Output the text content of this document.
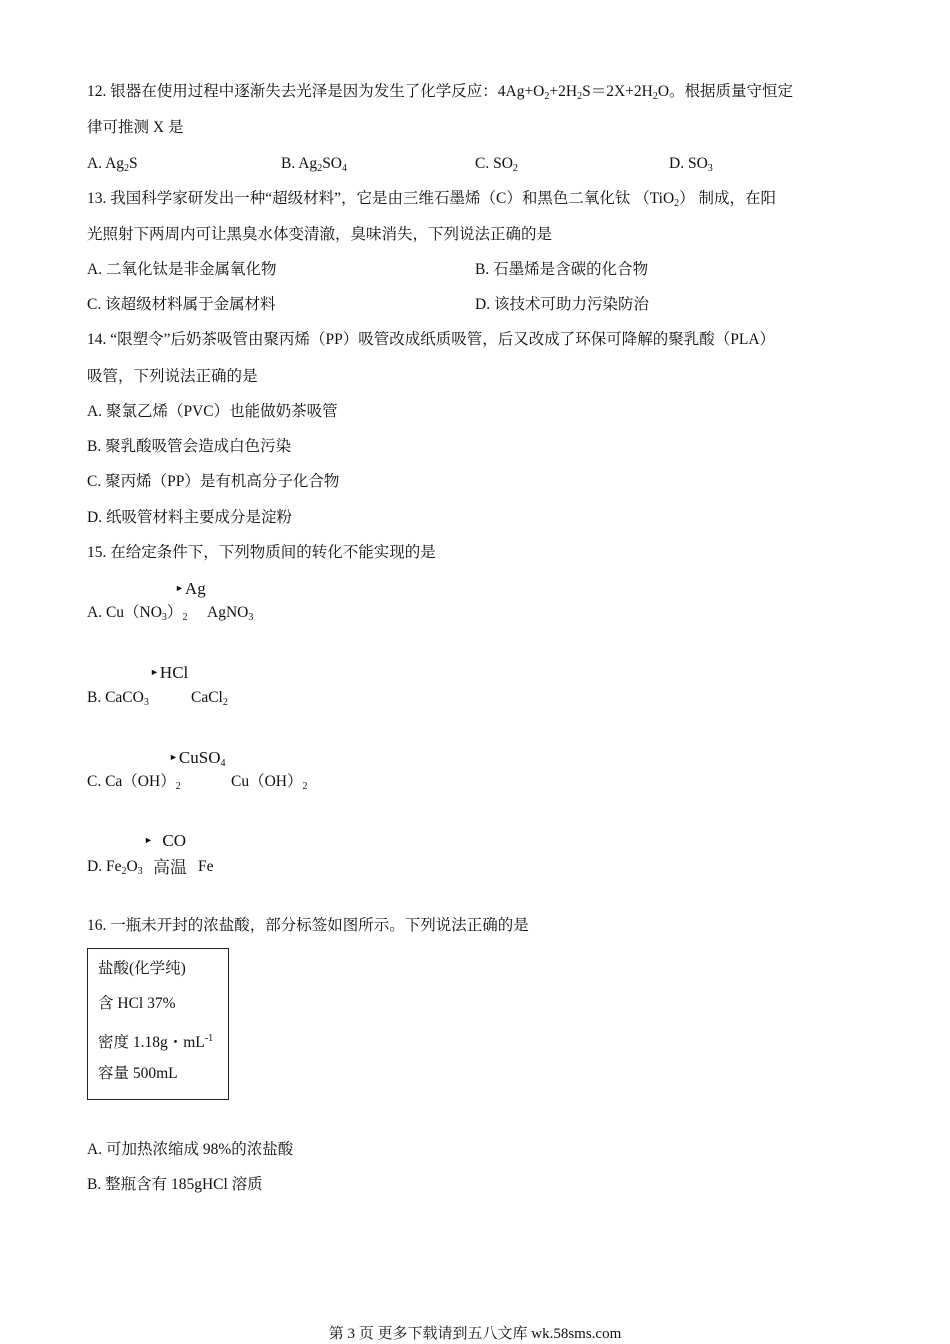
12. 银器在使用过程中逐渐失去光泽是因为发生了化学反应：$4Ag+O_2+2H_2S=2X+2H_2O$。根据质量守恒定
律可推测 X 是
A. $Ag_2S$	B. $Ag_2SO_4$	C. $SO_2$	D. $SO_3$
13. 我国科学家研发出一种“超级材料”，它是由三维石墨烯（C）和黑色二氧化钛 （TiO$_2$） 制成，在阳
光照射下两周内可让黑臭水体变清澈，臭味消失，下列说法正确的是
A. 二氧化钛是非金属氧化物	B. 石墨烯是含碳的化合物
C. 该超级材料属于金属材料	D. 该技术可助力污染防治
14. “限塑令”后奶茶吸管由聚丙烯（PP）吸管改成纸质吸管，后又改成了环保可降解的聚乳酸（PLA）
吸管，下列说法正确的是
A. 聚氯乙烯（PVC）也能做奶茶吸管
B. 聚乳酸吸管会造成白色污染
C. 聚丙烯（PP）是有机高分子化合物
D. 纸吸管材料主要成分是淀粉
15. 在给定条件下，下列物质间的转化不能实现的是
►Ag
A. $Cu(NO_3)_2$ AgNO$_3$
►HCl
B. CaCO$_3$	CaCl$_2$
►CuSO$_4$
C. $Ca(OH)_2$	$Cu(OH)_2$
► CO
D. $Fe_2O_3$ 高温 Fe
16. 一瓶未开封的浓盐酸，部分标签如图所示。下列说法正确的是
盐酸(化学纯)
含 HCl 37%
密度 1.18g・$mL^{-1}$
容量 500mL
A. 可加热浓缩成 98%的浓盐酸
B. 整瓶含有 185gHCl 溶质
第 3 页 更多下载请到五八文库 wk.58sms.com
